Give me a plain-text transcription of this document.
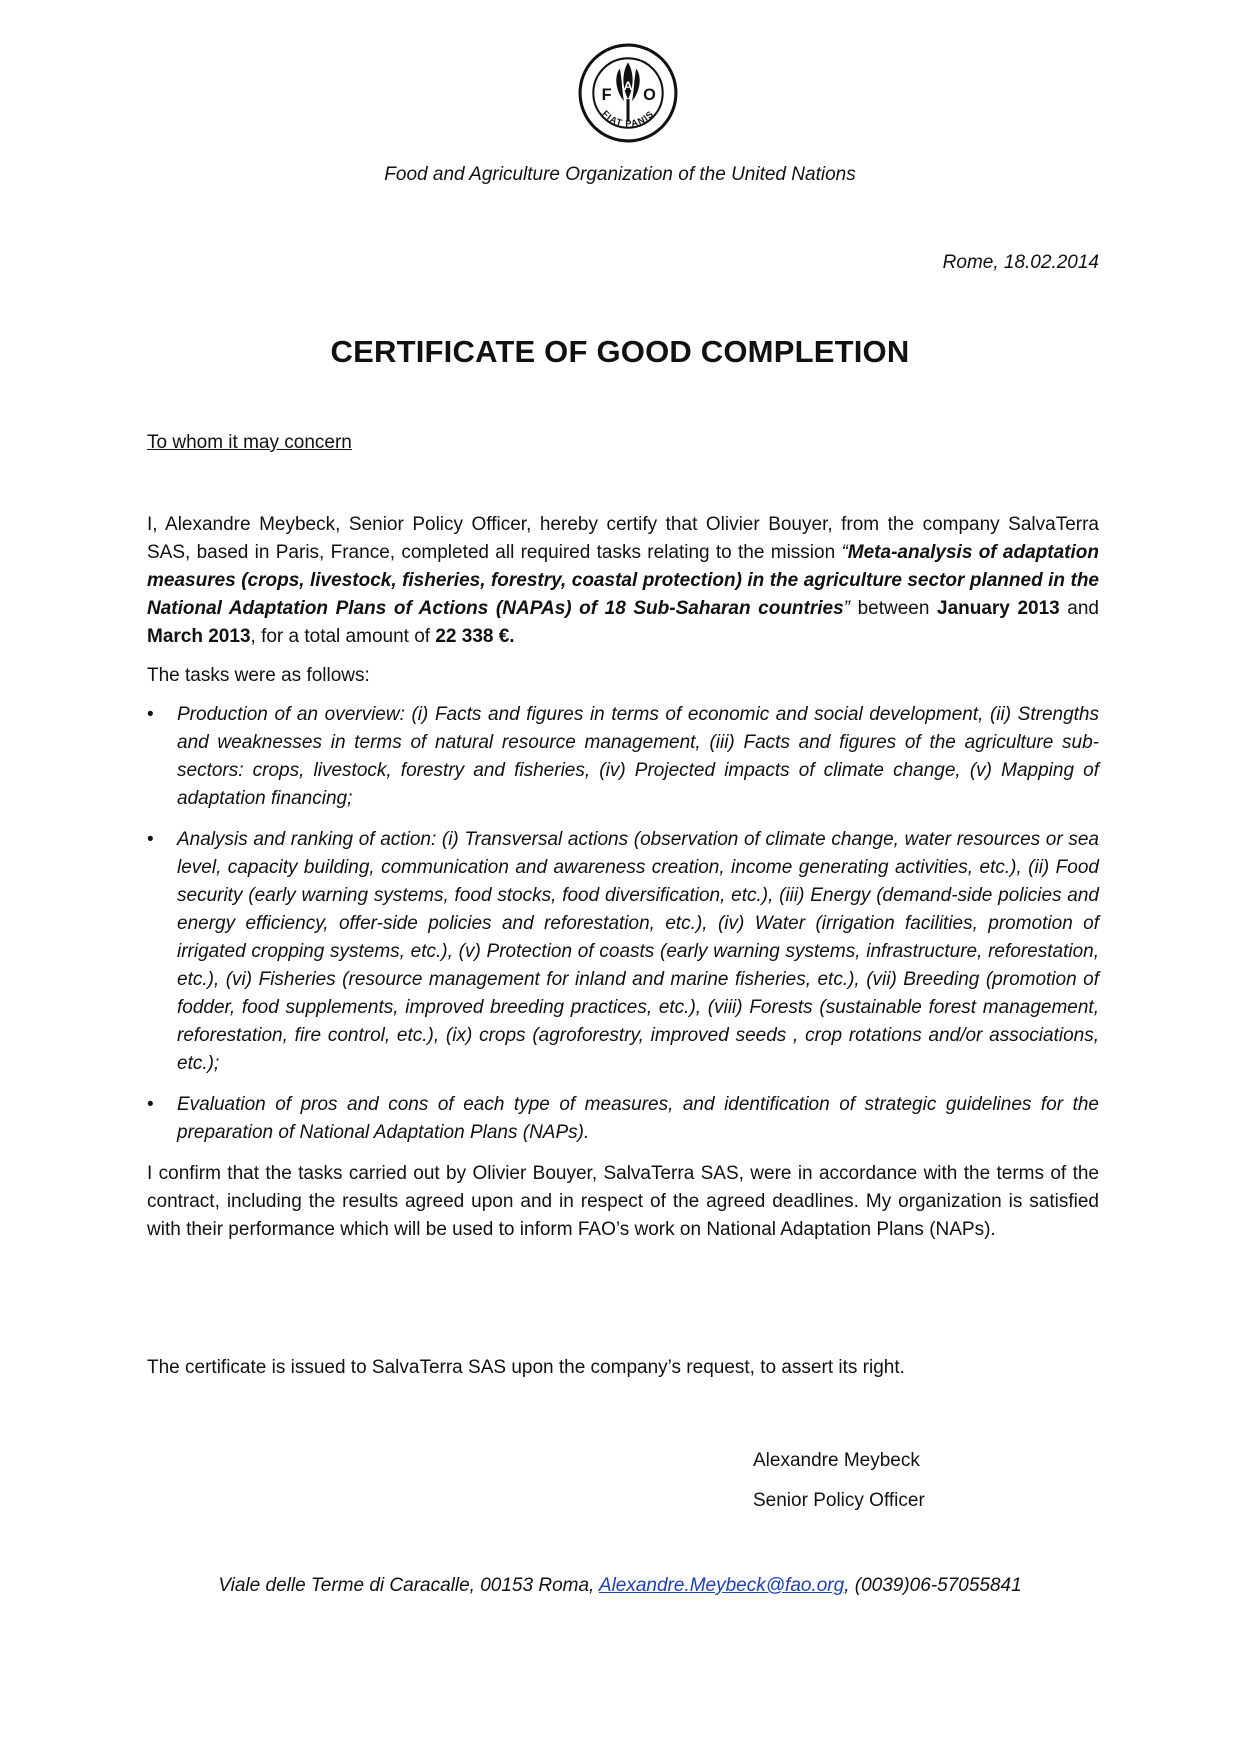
F
A
O
FIAT PANIS
Food and Agriculture Organization of the United Nations
Rome, 18.02.2014
CERTIFICATE OF GOOD COMPLETION
To whom it may concern

I, Alexandre Meybeck, Senior Policy Officer, hereby certify that Olivier Bouyer, from the company SalvaTerra SAS, based in Paris, France, completed all required tasks relating to the mission “Meta-analysis of adaptation measures (crops, livestock, fisheries, forestry, coastal protection) in the agriculture sector planned in the National Adaptation Plans of Actions (NAPAs) of 18 Sub-Saharan countries” between January 2013 and March 2013, for a total amount of 22 338 €.

The tasks were as follows:

• Production of an overview: (i) Facts and figures in terms of economic and social development, (ii) Strengths and weaknesses in terms of natural resource management, (iii) Facts and figures of the agriculture sub-sectors: crops, livestock, forestry and fisheries, (iv) Projected impacts of climate change, (v) Mapping of adaptation financing;
• Analysis and ranking of action: (i) Transversal actions (observation of climate change, water resources or sea level, capacity building, communication and awareness creation, income generating activities, etc.), (ii) Food security (early warning systems, food stocks, food diversification, etc.), (iii) Energy (demand-side policies and energy efficiency, offer-side policies and reforestation, etc.), (iv) Water (irrigation facilities, promotion of irrigated cropping systems, etc.), (v) Protection of coasts (early warning systems, infrastructure, reforestation, etc.), (vi) Fisheries (resource management for inland and marine fisheries, etc.), (vii) Breeding (promotion of fodder, food supplements, improved breeding practices, etc.), (viii) Forests (sustainable forest management, reforestation, fire control, etc.), (ix) crops (agroforestry, improved seeds , crop rotations and/or associations, etc.);
• Evaluation of pros and cons of each type of measures, and identification of strategic guidelines for the preparation of National Adaptation Plans (NAPs).

I confirm that the tasks carried out by Olivier Bouyer, SalvaTerra SAS, were in accordance with the terms of the contract, including the results agreed upon and in respect of the agreed deadlines. My organization is satisfied with their performance which will be used to inform FAO’s work on National Adaptation Plans (NAPs).

The certificate is issued to SalvaTerra SAS upon the company’s request, to assert its right.
Alexandre Meybeck
Senior Policy Officer
Viale delle Terme di Caracalle, 00153 Roma, Alexandre.Meybeck@fao.org, (0039)06-57055841
